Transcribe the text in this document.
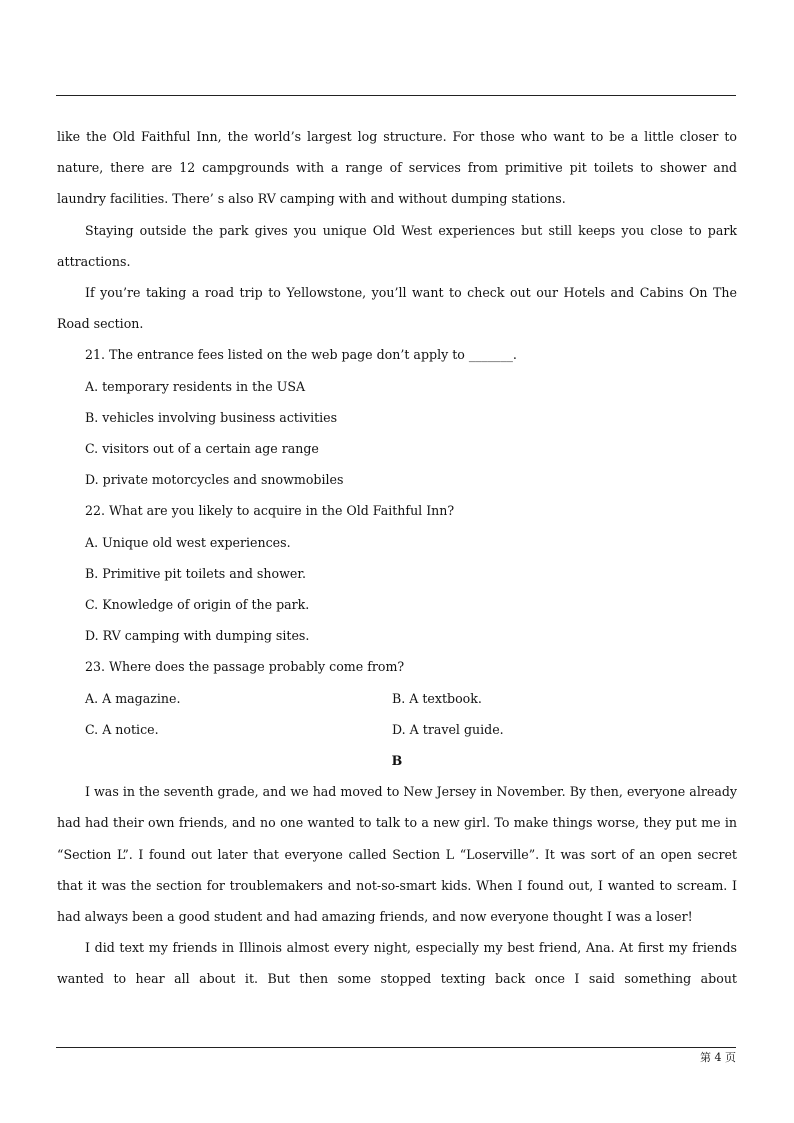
like the Old Faithful Inn, the world’s largest log structure. For those who want to be a little closer to nature, there are 12 campgrounds with a range of services from primitive pit toilets to shower and laundry facilities. There’ s also RV camping with and without dumping stations.

Staying outside the park gives you unique Old West experiences but still keeps you close to park attractions.

If you’re taking a road trip to Yellowstone, you’ll want to check out our Hotels and Cabins On The Road section.

21. The entrance fees listed on the web page don’t apply to _______.

A. temporary residents in the USA

B. vehicles involving business activities

C. visitors out of a certain age range

D. private motorcycles and snowmobiles

22. What are you likely to acquire in the Old Faithful Inn?

A. Unique old west experiences.

B. Primitive pit toilets and shower.

C. Knowledge of origin of the park.

D. RV camping with dumping sites.

23. Where does the passage probably come from?

A. A magazine.	B. A textbook.
C. A notice.	D. A travel guide.

B

I was in the seventh grade, and we had moved to New Jersey in November. By then, everyone already had had their own friends, and no one wanted to talk to a new girl. To make things worse, they put me in “Section L”. I found out later that everyone called Section L “Loserville”. It was sort of an open secret that it was the section for troublemakers and not-so-smart kids. When I found out, I wanted to scream. I had always been a good student and had amazing friends, and now everyone thought I was a loser!

I did text my friends in Illinois almost every night, especially my best friend, Ana. At first my friends wanted to hear all about it. But then some stopped texting back once I said something about

第 4 页
